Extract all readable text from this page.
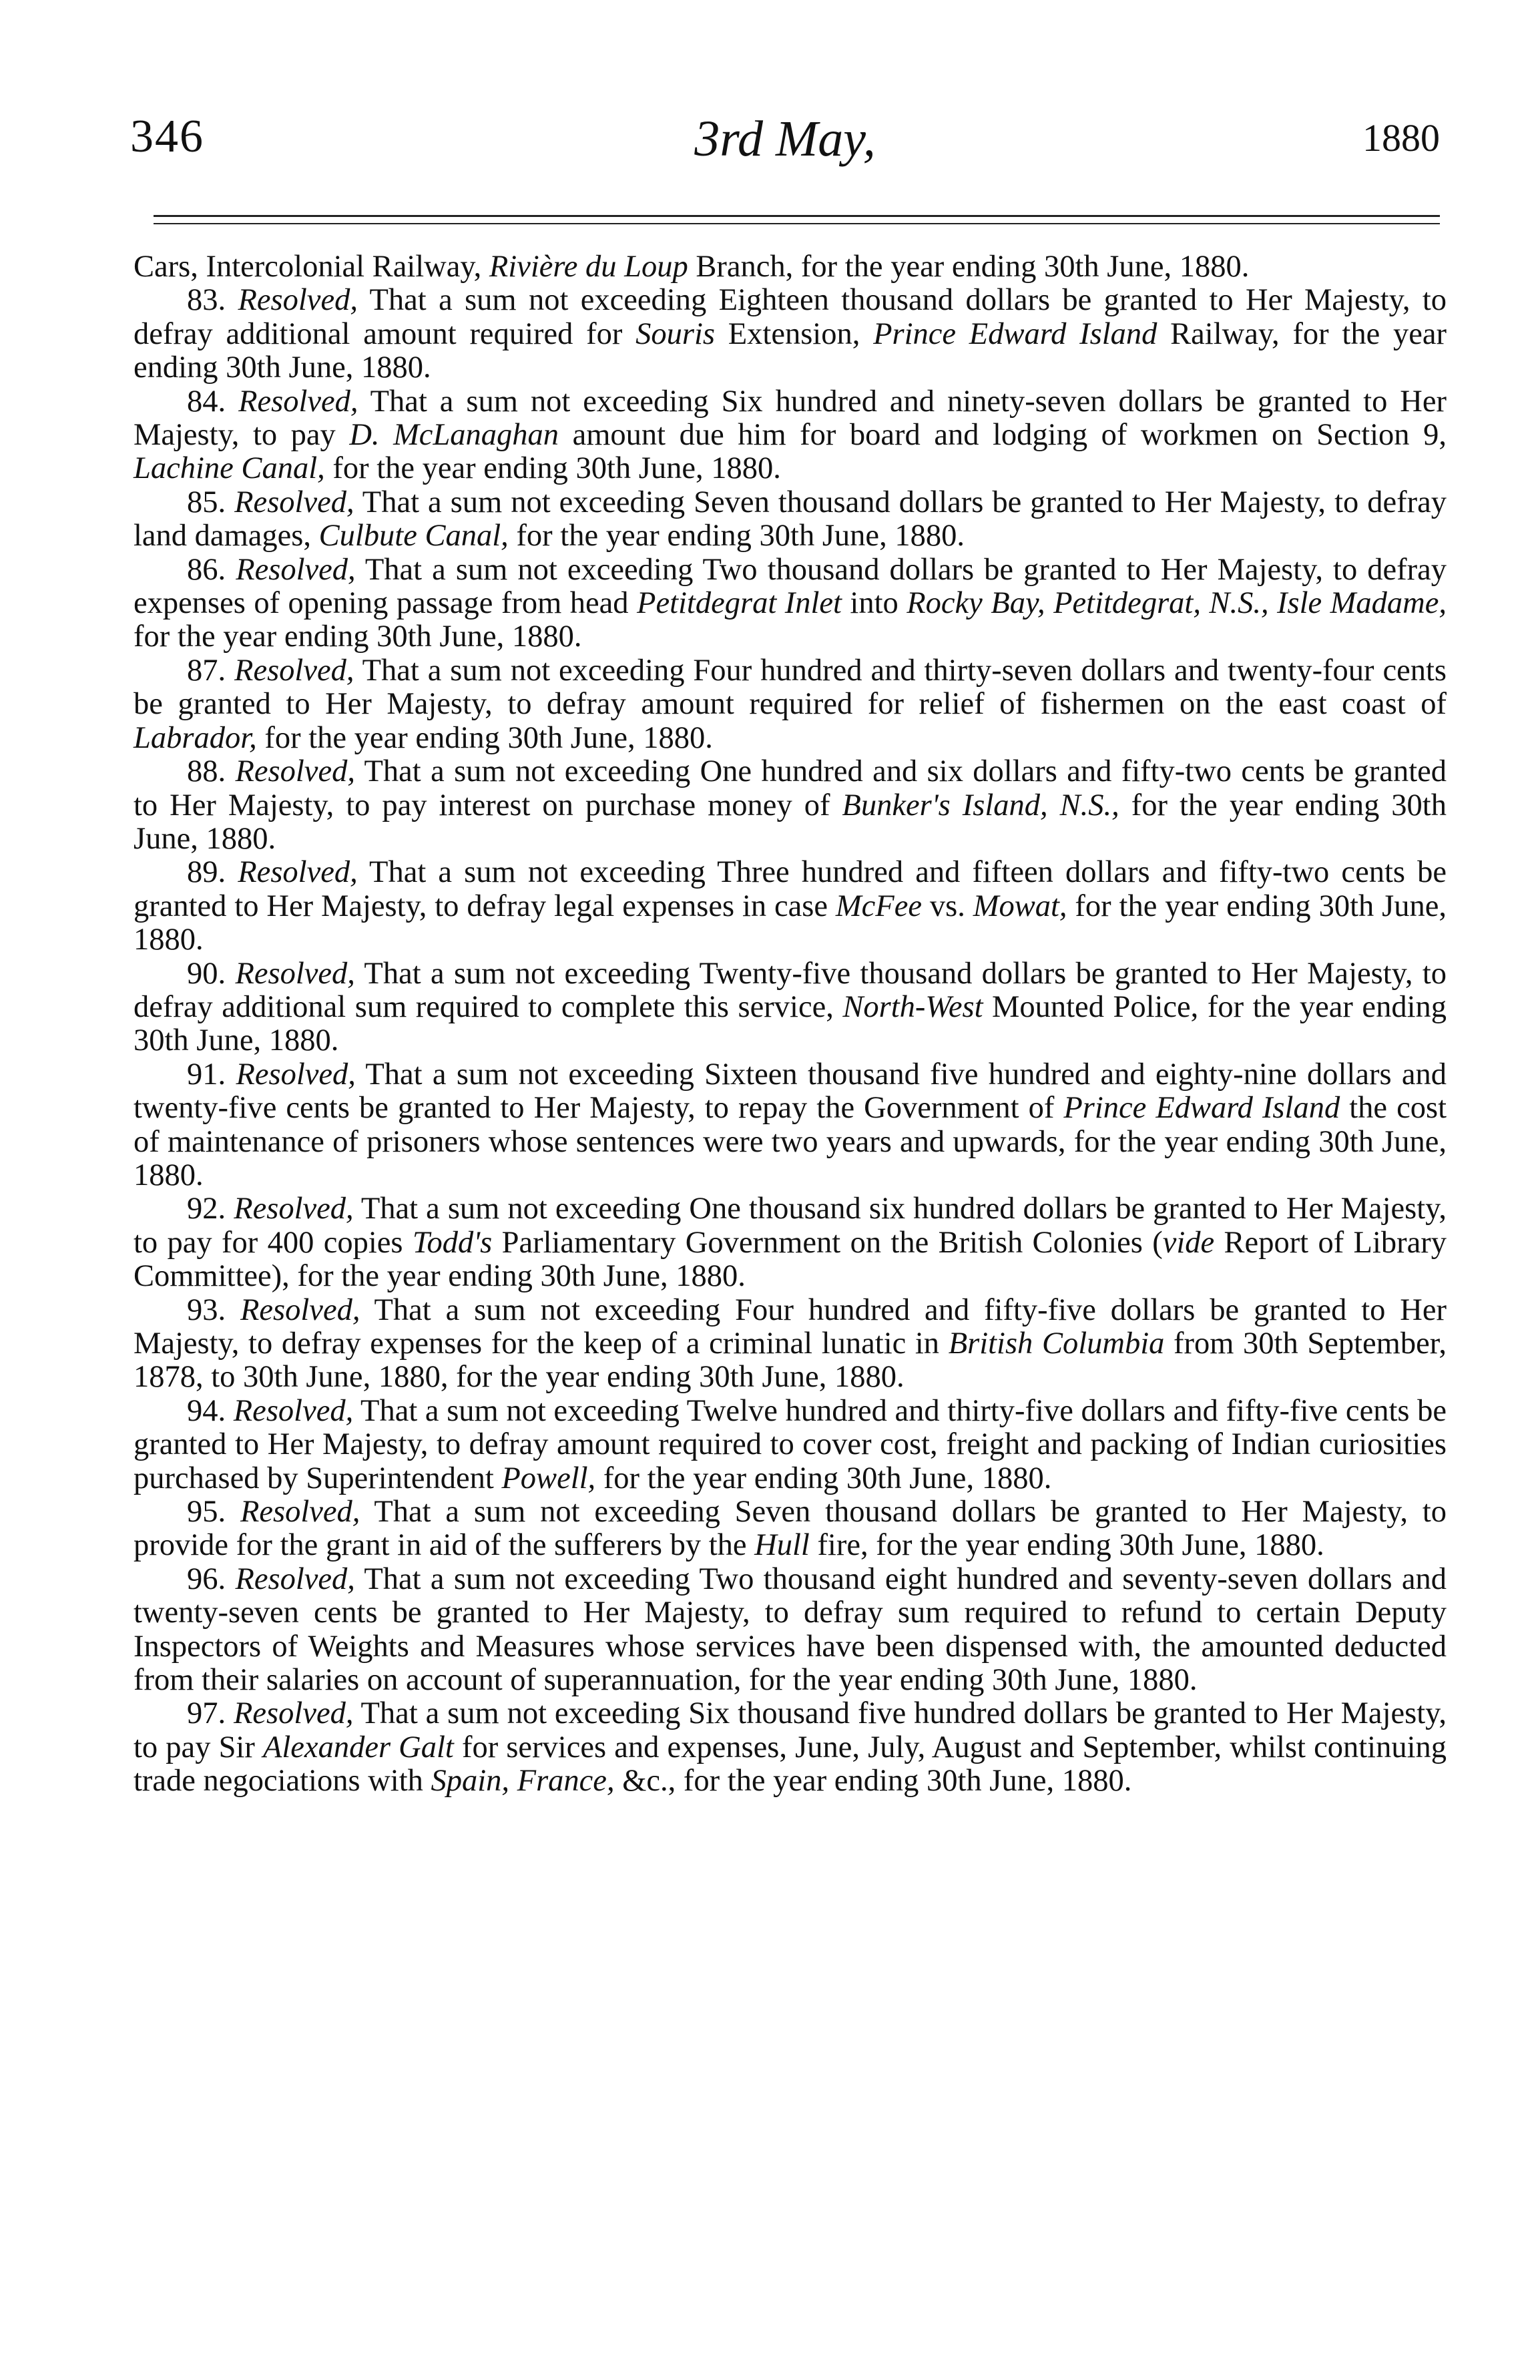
346	3rd May,	1880

Cars, Intercolonial Railway, Rivière du Loup Branch, for the year ending 30th June, 1880.

83. Resolved, That a sum not exceeding Eighteen thousand dollars be granted to Her Majesty, to defray additional amount required for Souris Extension, Prince Edward Island Railway, for the year ending 30th June, 1880.

84. Resolved, That a sum not exceeding Six hundred and ninety-seven dollars be granted to Her Majesty, to pay D. McLanaghan amount due him for board and lodging of workmen on Section 9, Lachine Canal, for the year ending 30th June, 1880.

85. Resolved, That a sum not exceeding Seven thousand dollars be granted to Her Majesty, to defray land damages, Culbute Canal, for the year ending 30th June, 1880.

86. Resolved, That a sum not exceeding Two thousand dollars be granted to Her Majesty, to defray expenses of opening passage from head Petitdegrat Inlet into Rocky Bay, Petitdegrat, N.S., Isle Madame, for the year ending 30th June, 1880.

87. Resolved, That a sum not exceeding Four hundred and thirty-seven dollars and twenty-four cents be granted to Her Majesty, to defray amount required for relief of fishermen on the east coast of Labrador, for the year ending 30th June, 1880.

88. Resolved, That a sum not exceeding One hundred and six dollars and fifty-two cents be granted to Her Majesty, to pay interest on purchase money of Bunker's Island, N.S., for the year ending 30th June, 1880.

89. Resolved, That a sum not exceeding Three hundred and fifteen dollars and fifty-two cents be granted to Her Majesty, to defray legal expenses in case McFee vs. Mowat, for the year ending 30th June, 1880.

90. Resolved, That a sum not exceeding Twenty-five thousand dollars be granted to Her Majesty, to defray additional sum required to complete this service, North-West Mounted Police, for the year ending 30th June, 1880.

91. Resolved, That a sum not exceeding Sixteen thousand five hundred and eighty-nine dollars and twenty-five cents be granted to Her Majesty, to repay the Government of Prince Edward Island the cost of maintenance of prisoners whose sentences were two years and upwards, for the year ending 30th June, 1880.

92. Resolved, That a sum not exceeding One thousand six hundred dollars be granted to Her Majesty, to pay for 400 copies Todd's Parliamentary Government on the British Colonies (vide Report of Library Committee), for the year ending 30th June, 1880.

93. Resolved, That a sum not exceeding Four hundred and fifty-five dollars be granted to Her Majesty, to defray expenses for the keep of a criminal lunatic in British Columbia from 30th September, 1878, to 30th June, 1880, for the year ending 30th June, 1880.

94. Resolved, That a sum not exceeding Twelve hundred and thirty-five dollars and fifty-five cents be granted to Her Majesty, to defray amount required to cover cost, freight and packing of Indian curiosities purchased by Superintendent Powell, for the year ending 30th June, 1880.

95. Resolved, That a sum not exceeding Seven thousand dollars be granted to Her Majesty, to provide for the grant in aid of the sufferers by the Hull fire, for the year ending 30th June, 1880.

96. Resolved, That a sum not exceeding Two thousand eight hundred and seventy-seven dollars and twenty-seven cents be granted to Her Majesty, to defray sum required to refund to certain Deputy Inspectors of Weights and Measures whose services have been dispensed with, the amounted deducted from their salaries on account of superannuation, for the year ending 30th June, 1880.

97. Resolved, That a sum not exceeding Six thousand five hundred dollars be granted to Her Majesty, to pay Sir Alexander Galt for services and expenses, June, July, August and September, whilst continuing trade negociations with Spain, France, &c., for the year ending 30th June, 1880.
